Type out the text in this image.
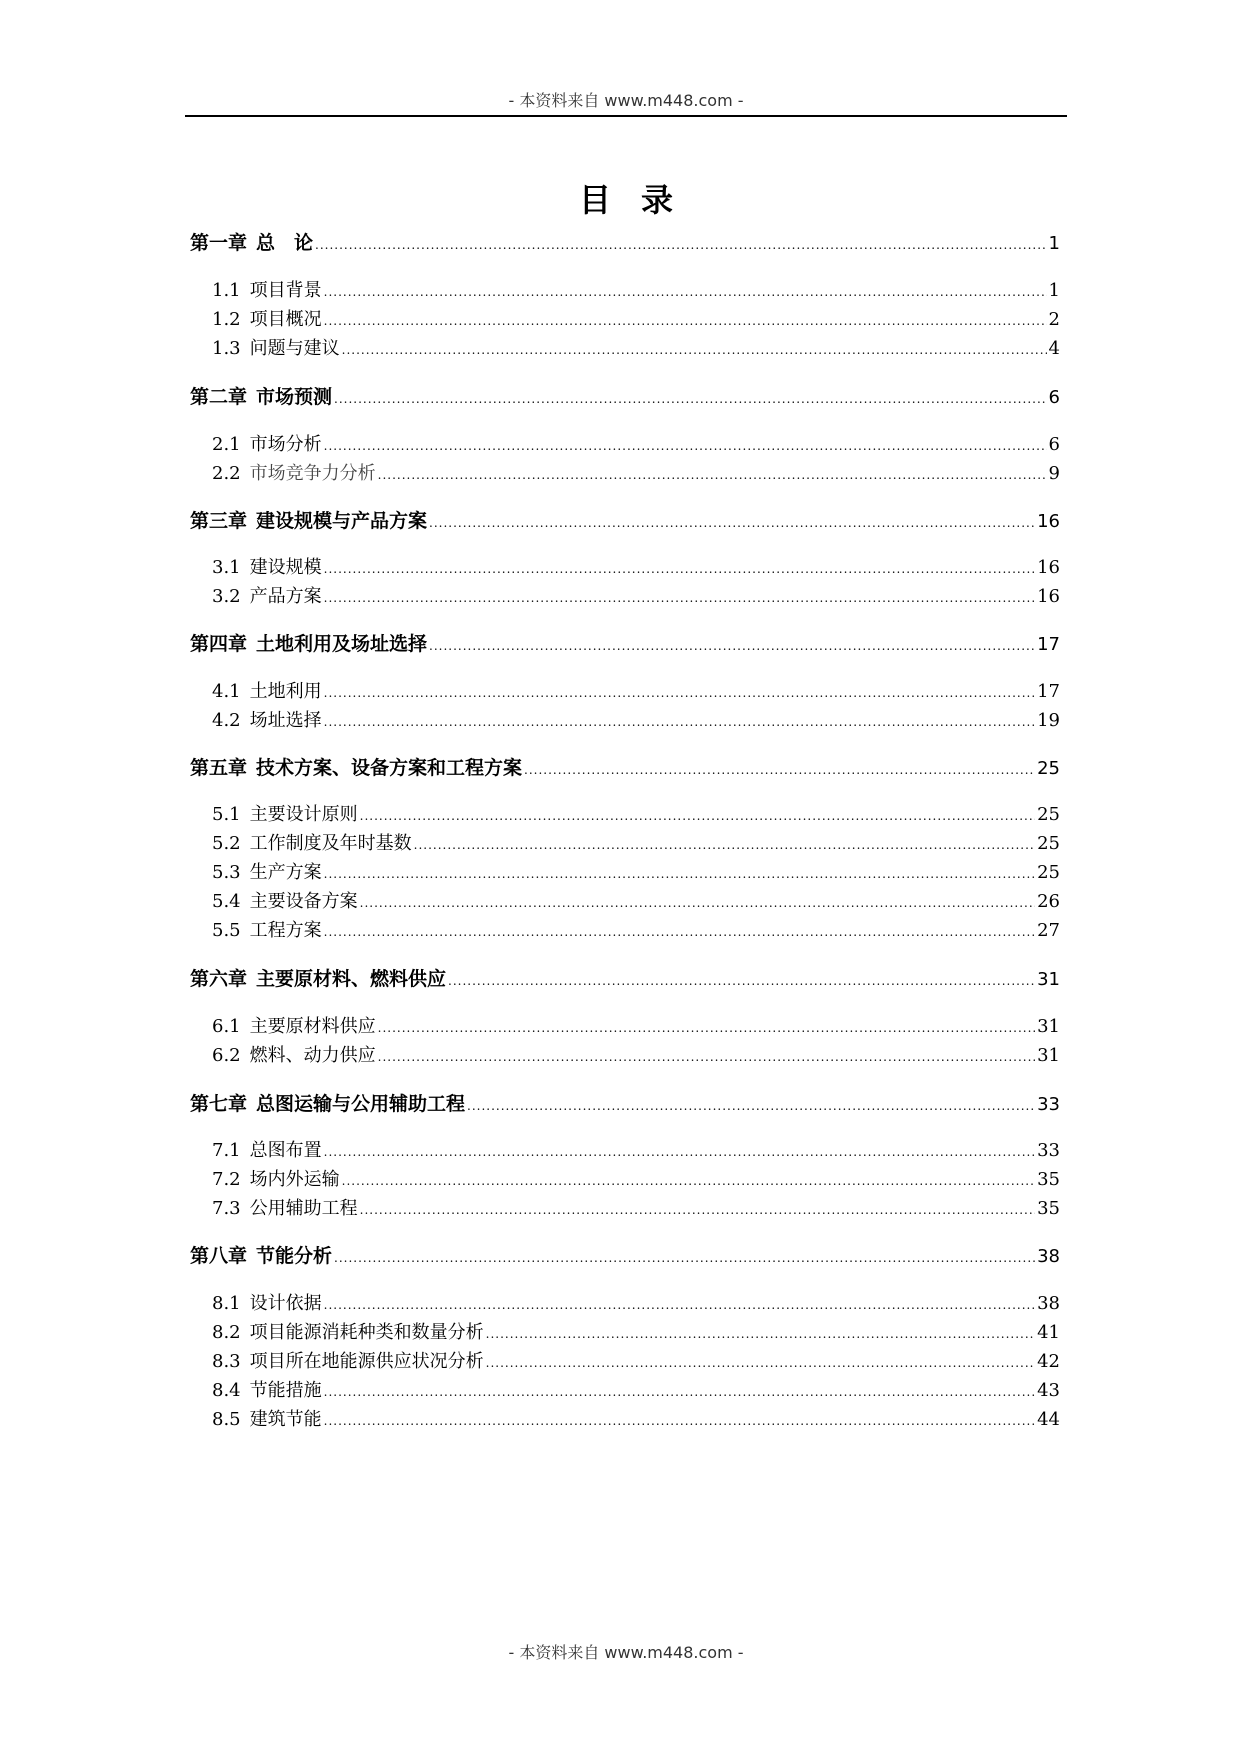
- 本资料来自 www.m448.com -
目录
第一章 总　论 .....	1
1.1 项目背景 .....	1
1.2 项目概况 .....	2
1.3 问题与建议 .....	4
第二章 市场预测 .....	6
2.1 市场分析 .....	6
2.2 市场竞争力分析 .....	9
第三章 建设规模与产品方案 .....	16
3.1 建设规模 .....	16
3.2 产品方案 .....	16
第四章 土地利用及场址选择 .....	17
4.1 土地利用 .....	17
4.2 场址选择 .....	19
第五章 技术方案、设备方案和工程方案 .....	25
5.1 主要设计原则 .....	25
5.2 工作制度及年时基数 .....	25
5.3 生产方案 .....	25
5.4 主要设备方案 .....	26
5.5 工程方案 .....	27
第六章 主要原材料、燃料供应 .....	31
6.1 主要原材料供应 .....	31
6.2 燃料、动力供应 .....	31
第七章 总图运输与公用辅助工程 .....	33
7.1 总图布置 .....	33
7.2 场内外运输 .....	35
7.3 公用辅助工程 .....	35
第八章 节能分析 .....	38
8.1 设计依据 .....	38
8.2 项目能源消耗种类和数量分析 .....	41
8.3 项目所在地能源供应状况分析 .....	42
8.4 节能措施 .....	43
8.5 建筑节能 .....	44
- 本资料来自 www.m448.com -
